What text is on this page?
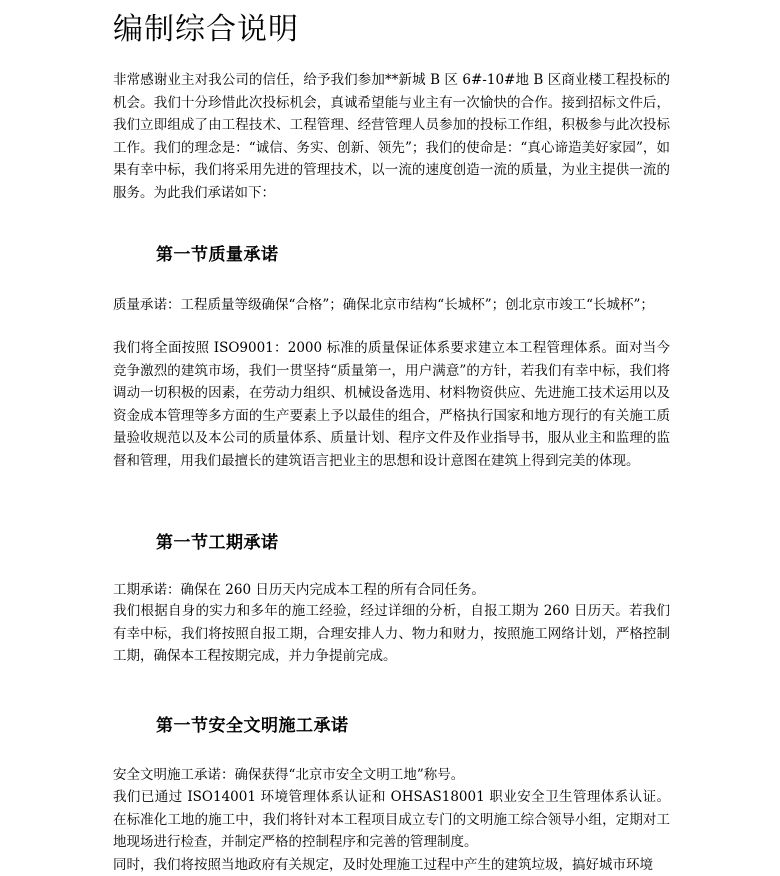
编制综合说明

非常感谢业主对我公司的信任，给予我们参加**新城 B 区 6#-10#地 B 区商业楼工程投标的机会。我们十分珍惜此次投标机会，真诚希望能与业主有一次愉快的合作。接到招标文件后，我们立即组成了由工程技术、工程管理、经营管理人员参加的投标工作组，积极参与此次投标工作。我们的理念是：“诚信、务实、创新、领先”；我们的使命是：“真心谛造美好家园”，如果有幸中标，我们将采用先进的管理技术，以一流的速度创造一流的质量，为业主提供一流的服务。为此我们承诺如下：

第一节质量承诺

质量承诺：工程质量等级确保“合格”；确保北京市结构“长城杯”；创北京市竣工“长城杯”；

我们将全面按照 ISO9001：2000 标准的质量保证体系要求建立本工程管理体系。面对当今竞争激烈的建筑市场，我们一贯坚持“质量第一，用户满意”的方针，若我们有幸中标，我们将调动一切积极的因素，在劳动力组织、机械设备选用、材料物资供应、先进施工技术运用以及资金成本管理等多方面的生产要素上予以最佳的组合，严格执行国家和地方现行的有关施工质量验收规范以及本公司的质量体系、质量计划、程序文件及作业指导书，服从业主和监理的监督和管理，用我们最擅长的建筑语言把业主的思想和设计意图在建筑上得到完美的体现。

第一节工期承诺

工期承诺：确保在 260 日历天内完成本工程的所有合同任务。

我们根据自身的实力和多年的施工经验，经过详细的分析，自报工期为 260 日历天。若我们有幸中标，我们将按照自报工期，合理安排人力、物力和财力，按照施工网络计划，严格控制工期，确保本工程按期完成，并力争提前完成。

第一节安全文明施工承诺

安全文明施工承诺：确保获得“北京市安全文明工地”称号。

我们已通过 ISO14001 环境管理体系认证和 OHSAS18001 职业安全卫生管理体系认证。在标准化工地的施工中，我们将针对本工程项目成立专门的文明施工综合领导小组，定期对工地现场进行检查，并制定严格的控制程序和完善的管理制度。
同时，我们将按照当地政府有关规定，及时处理施工过程中产生的建筑垃圾，搞好城市环境
